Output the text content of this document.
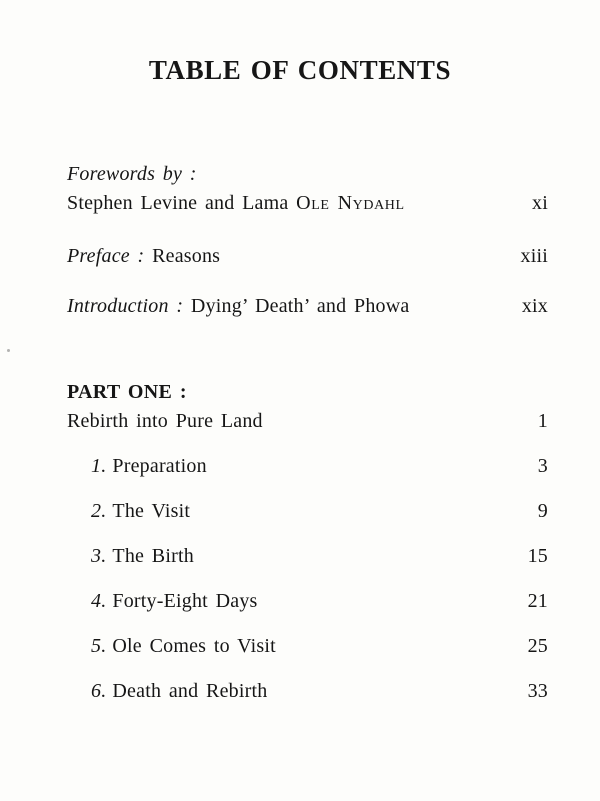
TABLE OF CONTENTS
Forewords by :
Stephen Levine and Lama Ole Nydahl	xi
Preface : Reasons	xiii
Introduction : Dying’ Death’ and Phowa	xix
PART ONE :
Rebirth into Pure Land	1
1. Preparation	3
2. The Visit	9
3. The Birth	15
4. Forty-Eight Days	21
5. Ole Comes to Visit	25
6. Death and Rebirth	33
